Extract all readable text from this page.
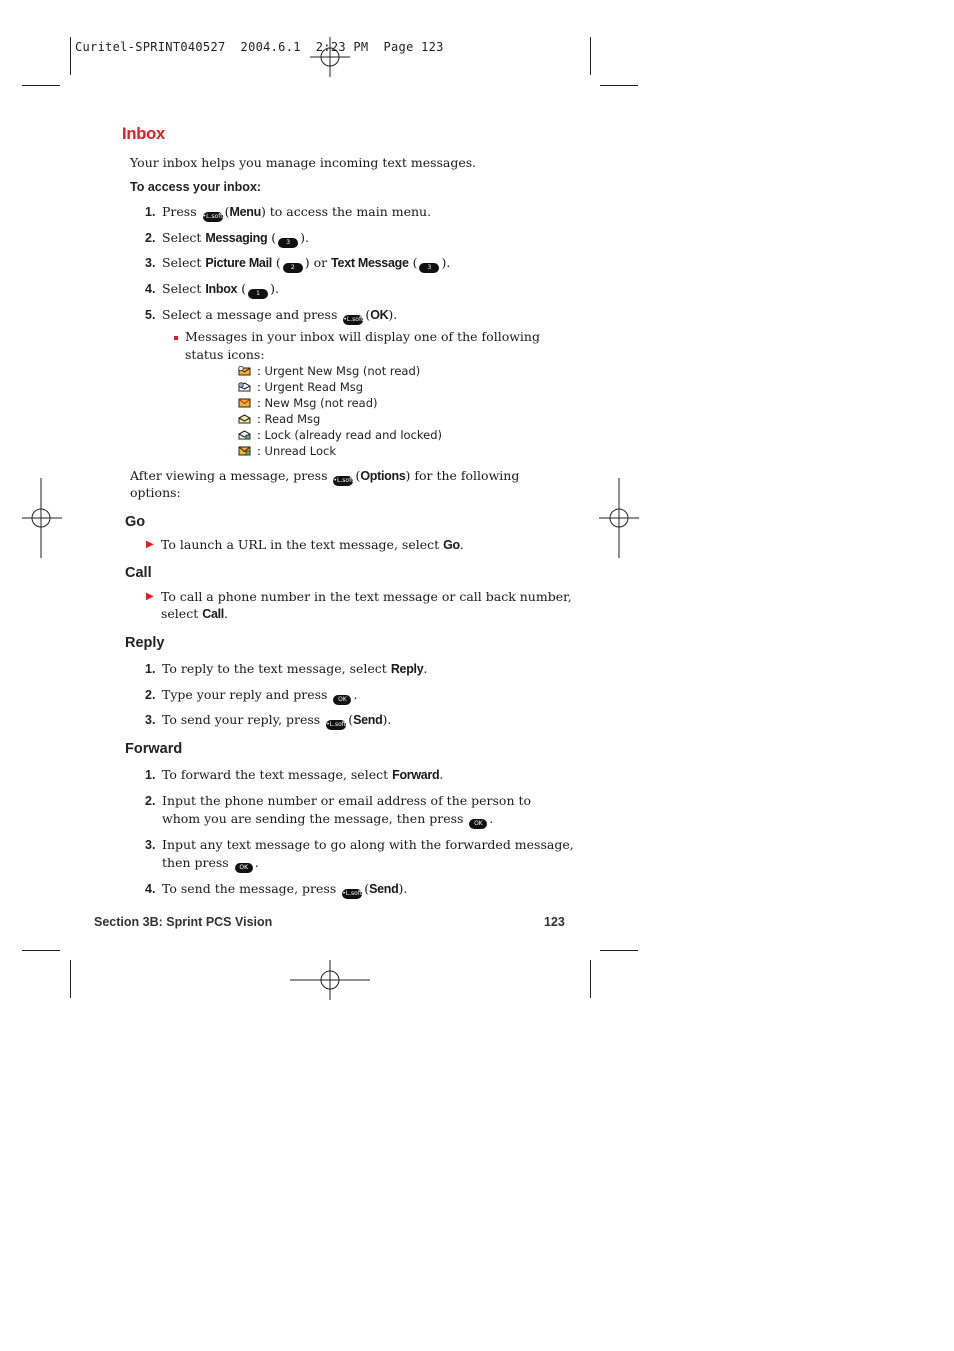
Curitel-SPRINT040527  2004.6.1  2:23 PM  Page 123
Inbox
Your inbox helps you manage incoming text messages.
To access your inbox:
1. Press •L.soft (Menu) to access the main menu.
2. Select Messaging ( 3 ).
3. Select Picture Mail ( 2 ) or Text Message ( 3 ).
4. Select Inbox ( 1 ).
5. Select a message and press •L.soft (OK).
Messages in your inbox will display one of the following
status icons:
: Urgent New Msg (not read)
: Urgent Read Msg
: New Msg (not read)
: Read Msg
: Lock (already read and locked)
: Unread Lock
After viewing a message, press •L.soft (Options) for the following
options:
Go
▶ To launch a URL in the text message, select Go.
Call
▶ To call a phone number in the text message or call back number,
select Call.
Reply
1. To reply to the text message, select Reply.
2. Type your reply and press OK .
3. To send your reply, press •L.soft (Send).
Forward
1. To forward the text message, select Forward.
2. Input the phone number or email address of the person to
whom you are sending the message, then press OK .
3. Input any text message to go along with the forwarded message,
then press OK .
4. To send the message, press •L.soft (Send).
Section 3B: Sprint PCS Vision	123
